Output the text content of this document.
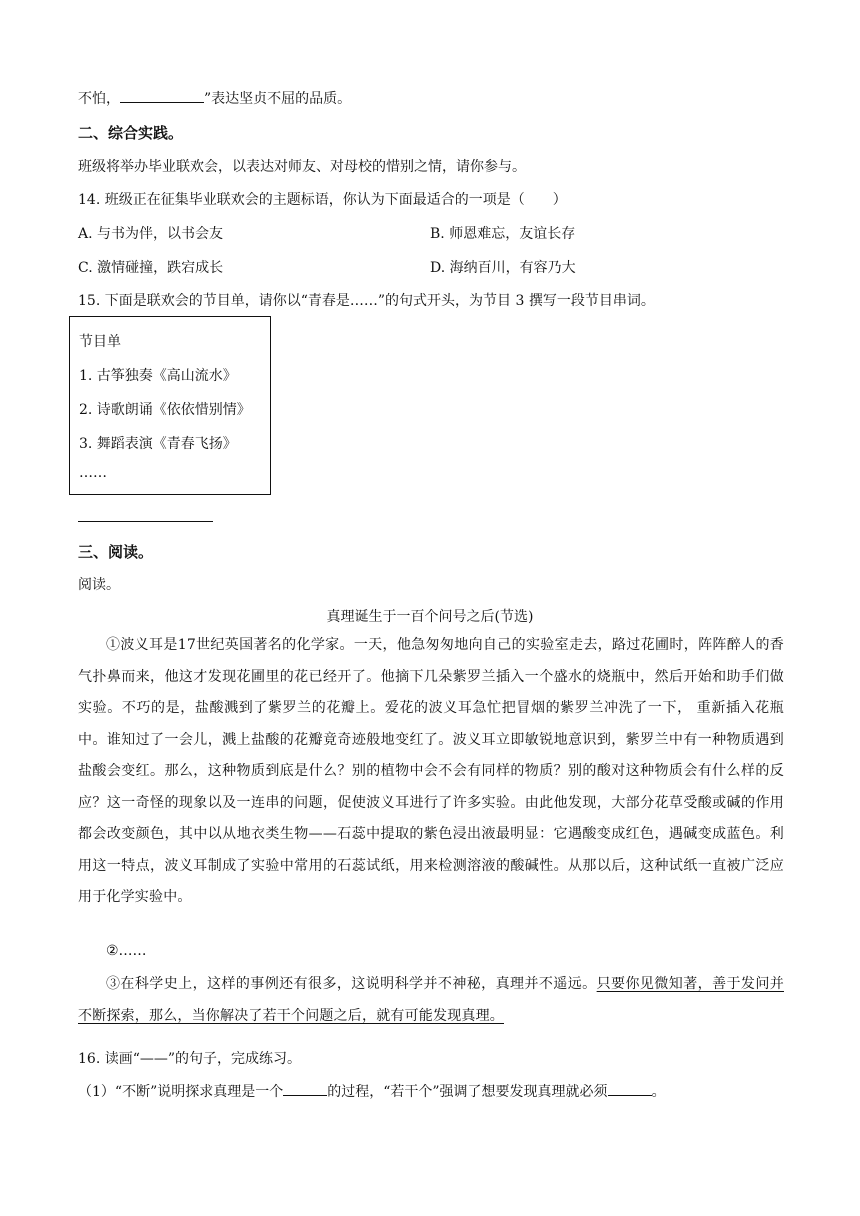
不怕，	”表达坚贞不屈的品质。
二、综合实践。
班级将举办毕业联欢会，以表达对师友、对母校的惜别之情，请你参与。
14. 班级正在征集毕业联欢会的主题标语，你认为下面最适合的一项是（　　）
A. 与书为伴，以书会友	B. 师恩难忘，友谊长存
C. 激情碰撞，跌宕成长	D. 海纳百川，有容乃大
15. 下面是联欢会的节目单，请你以“青春是……”的句式开头，为节目 3 撰写一段节目串词。
节目单
1. 古筝独奏《高山流水》
2. 诗歌朗诵《依依惜别情》
3. 舞蹈表演《青春飞扬》
……
三、阅读。
阅读。
真理诞生于一百个问号之后(节选)
①波义耳是17世纪英国著名的化学家。一天，他急匆匆地向自己的实验室走去，路过花圃时，阵阵醉人的香气扑鼻而来，他这才发现花圃里的花已经开了。他摘下几朵紫罗兰插入一个盛水的烧瓶中，然后开始和助手们做实验。不巧的是，盐酸溅到了紫罗兰的花瓣上。爱花的波义耳急忙把冒烟的紫罗兰冲洗了一下， 重新插入花瓶中。谁知过了一会儿，溅上盐酸的花瓣竟奇迹般地变红了。波义耳立即敏锐地意识到，紫罗兰中有一种物质遇到盐酸会变红。那么，这种物质到底是什么？别的植物中会不会有同样的物质？别的酸对这种物质会有什么样的反应？这一奇怪的现象以及一连串的问题，促使波义耳进行了许多实验。由此他发现，大部分花草受酸或碱的作用都会改变颜色，其中以从地衣类生物——石蕊中提取的紫色浸出液最明显：它遇酸变成红色，遇碱变成蓝色。利用这一特点，波义耳制成了实验中常用的石蕊试纸，用来检测溶液的酸碱性。从那以后，这种试纸一直被广泛应用于化学实验中。
②……
③在科学史上，这样的事例还有很多，这说明科学并不神秘，真理并不遥远。只要你见微知著，善于发问并不断探索，那么，当你解决了若干个问题之后，就有可能发现真理。
16. 读画“——”的句子，完成练习。
（1）“不断”说明探求真理是一个	的过程，“若干个”强调了想要发现真理就必须	。
